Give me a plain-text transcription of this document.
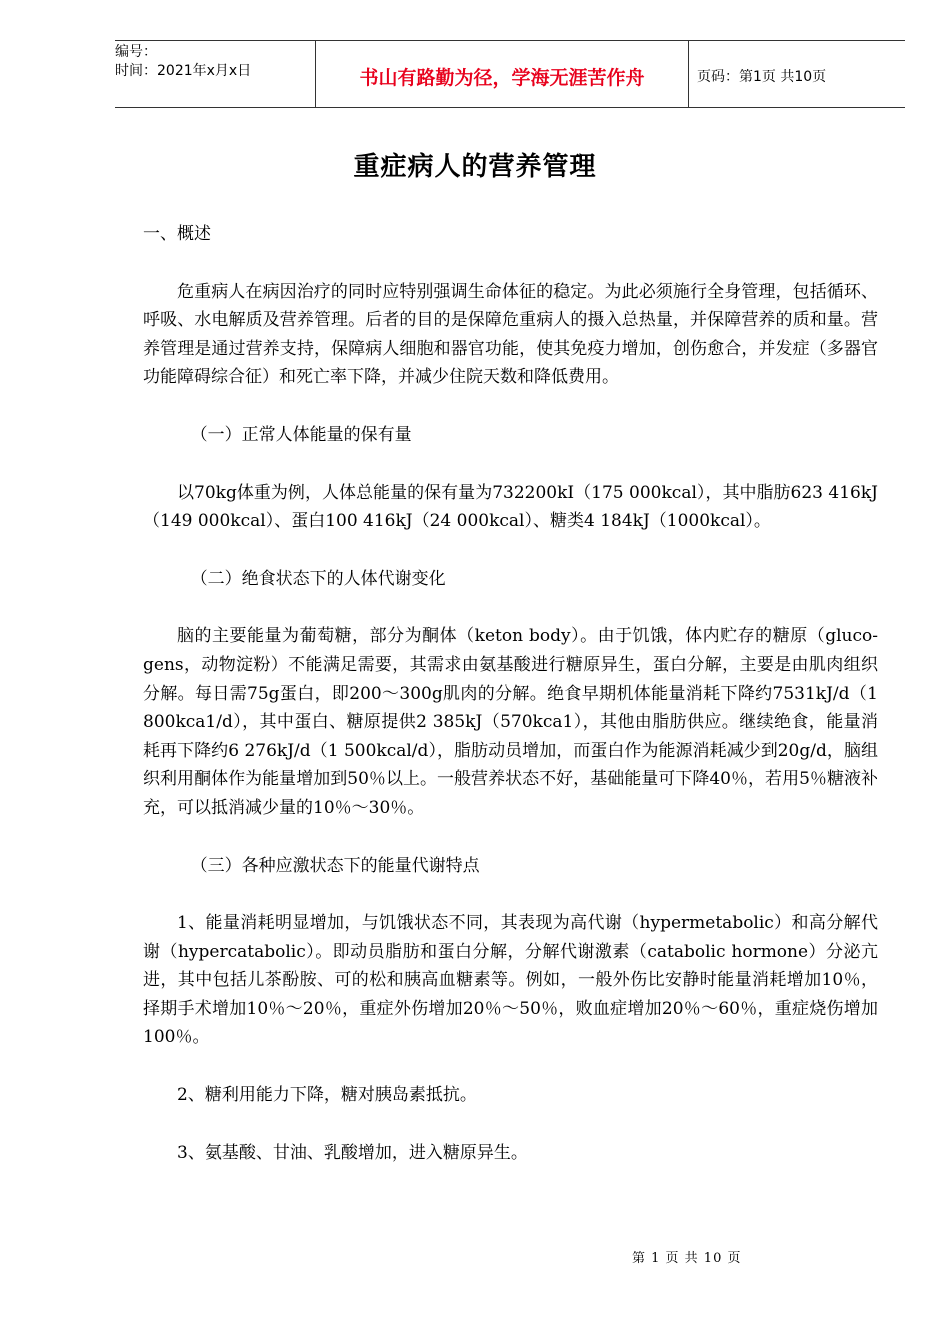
编号：
时间：2021年x月x日	书山有路勤为径，学海无涯苦作舟	页码：第1页 共10页
重症病人的营养管理

一、概述

危重病人在病因治疗的同时应特别强调生命体征的稳定。为此必须施行全身管理，包括循环、呼吸、水电解质及营养管理。后者的目的是保障危重病人的摄入总热量，并保障营养的质和量。营养管理是通过营养支持，保障病人细胞和器官功能，使其免疫力增加，创伤愈合，并发症（多器官功能障碍综合征）和死亡率下降，并减少住院天数和降低费用。

（一）正常人体能量的保有量

以70kg体重为例，人体总能量的保有量为732200kI（175 000kcal），其中脂肪623 416kJ（149 000kcal）、蛋白100 416kJ（24 000kcal）、糖类4 184kJ（1000kcal）。

（二）绝食状态下的人体代谢变化

脑的主要能量为葡萄糖，部分为酮体（keton body）。由于饥饿，体内贮存的糖原（gluco-gens，动物淀粉）不能满足需要，其需求由氨基酸进行糖原异生，蛋白分解，主要是由肌肉组织分解。每日需75g蛋白，即200～300g肌肉的分解。绝食早期机体能量消耗下降约7531kJ/d（1 800kca1/d），其中蛋白、糖原提供2 385kJ（570kca1），其他由脂肪供应。继续绝食，能量消耗再下降约6 276kJ/d（1 500kcal/d），脂肪动员增加，而蛋白作为能源消耗减少到20g/d，脑组织利用酮体作为能量增加到50％以上。一般营养状态不好，基础能量可下降40％，若用5％糖液补充，可以抵消减少量的10％～30％。

（三）各种应激状态下的能量代谢特点

1、能量消耗明显增加，与饥饿状态不同，其表现为高代谢（hypermetabolic）和高分解代谢（hypercatabolic）。即动员脂肪和蛋白分解，分解代谢激素（catabolic hormone）分泌亢进，其中包括儿茶酚胺、可的松和胰高血糖素等。例如，一般外伤比安静时能量消耗增加10％，择期手术增加10％～20％，重症外伤增加20％～50％，败血症增加20％～60％，重症烧伤增加100％。

2、糖利用能力下降，糖对胰岛素抵抗。

3、氨基酸、甘油、乳酸增加，进入糖原异生。

第 1 页 共 10 页
